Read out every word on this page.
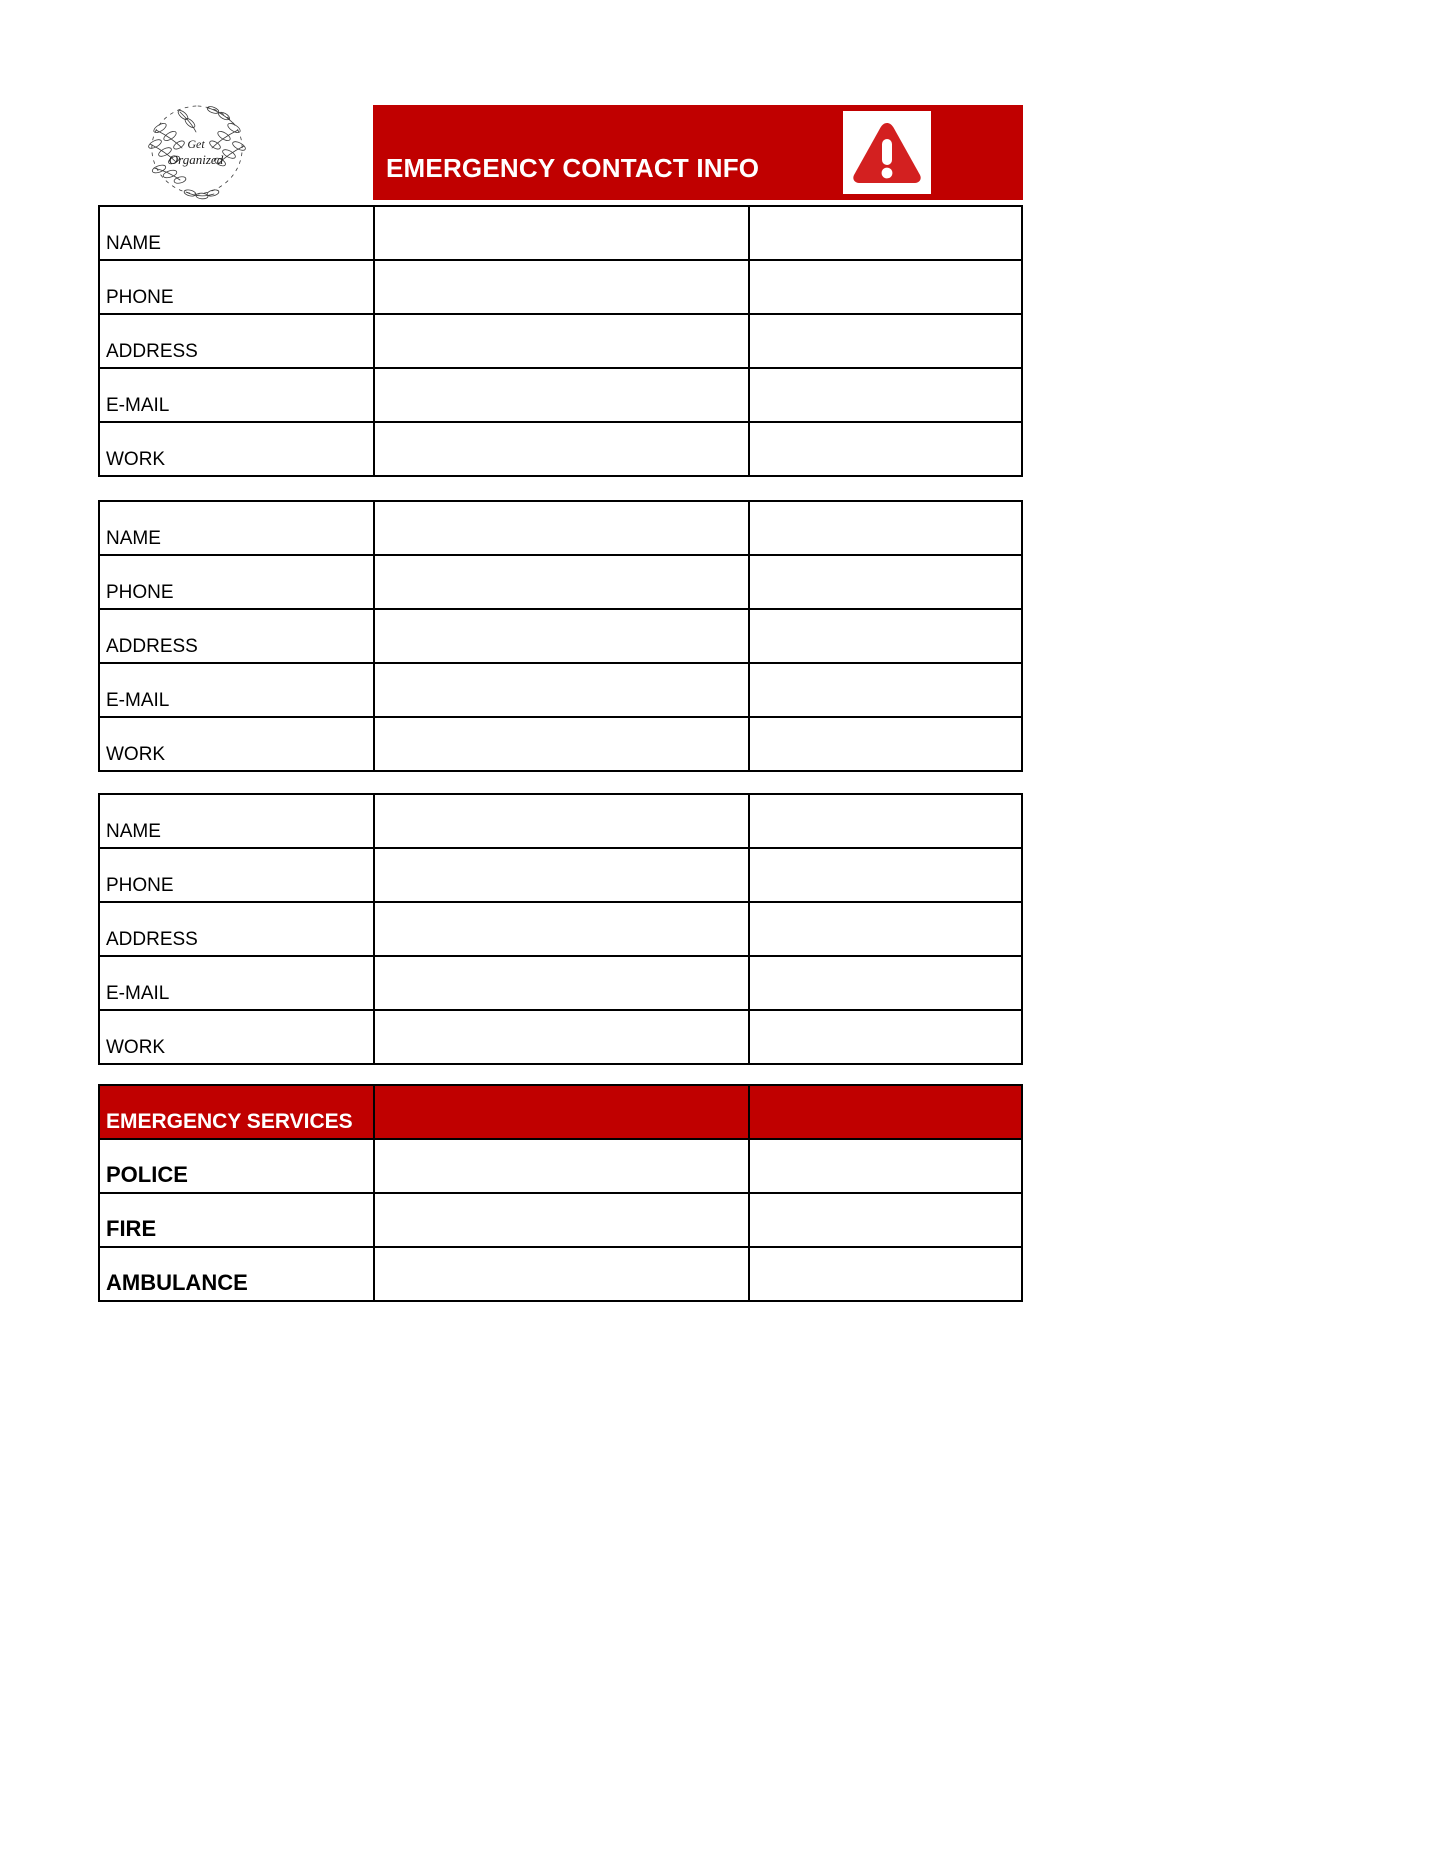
Get
Organized	EMERGENCY CONTACT INFO
NAME		
PHONE		
ADDRESS		
E-MAIL		
WORK		
NAME		
PHONE		
ADDRESS		
E-MAIL		
WORK		
NAME		
PHONE		
ADDRESS		
E-MAIL		
WORK		
EMERGENCY SERVICES		
POLICE		
FIRE		
AMBULANCE		
